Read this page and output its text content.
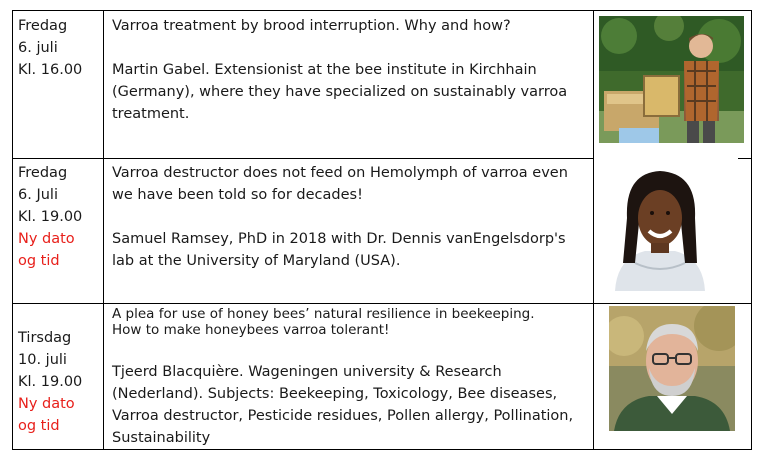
Fredag
6. juli
Kl. 16.00
Varroa treatment by brood interruption. Why and how?
Martin Gabel. Extensionist at the bee institute in Kirchhain
(Germany), where they have specialized on sustainably varroa
treatment.
Fredag
6. Juli
Kl. 19.00
Ny dato
og tid
Varroa destructor does not feed on Hemolymph of varroa even
we have been told so for decades!
Samuel Ramsey, PhD in 2018 with Dr. Dennis vanEngelsdorp's
lab at the University of Maryland (USA).
Tirsdag
10. juli
Kl. 19.00
Ny dato
og tid
A plea for use of honey bees’ natural resilience in beekeeping.
How to make honeybees varroa tolerant!
Tjeerd Blacquière. Wageningen university & Research
(Nederland). Subjects: Beekeeping, Toxicology, Bee diseases,
Varroa destructor, Pesticide residues, Pollen allergy, Pollination,
Sustainability
